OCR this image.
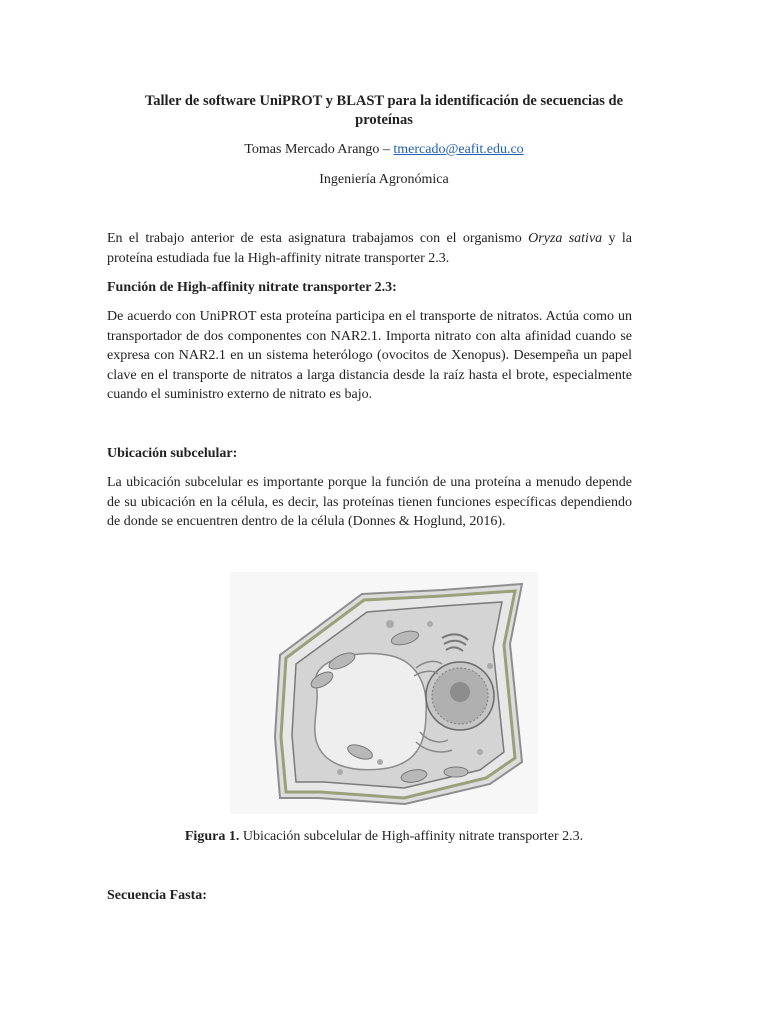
Taller de software UniPROT y BLAST para la identificación de secuencias de proteínas
Tomas Mercado Arango – tmercado@eafit.edu.co
Ingeniería Agronómica
En el trabajo anterior de esta asignatura trabajamos con el organismo Oryza sativa y la proteína estudiada fue la High-affinity nitrate transporter 2.3.
Función de High-affinity nitrate transporter 2.3:
De acuerdo con UniPROT esta proteína participa en el transporte de nitratos. Actúa como un transportador de dos componentes con NAR2.1. Importa nitrato con alta afinidad cuando se expresa con NAR2.1 en un sistema heterólogo (ovocitos de Xenopus). Desempeña un papel clave en el transporte de nitratos a larga distancia desde la raíz hasta el brote, especialmente cuando el suministro externo de nitrato es bajo.
Ubicación subcelular:
La ubicación subcelular es importante porque la función de una proteína a menudo depende de su ubicación en la célula, es decir, las proteínas tienen funciones específicas dependiendo de donde se encuentren dentro de la célula (Donnes & Hoglund, 2016).
Figura 1. Ubicación subcelular de High-affinity nitrate transporter 2.3.
Secuencia Fasta:
